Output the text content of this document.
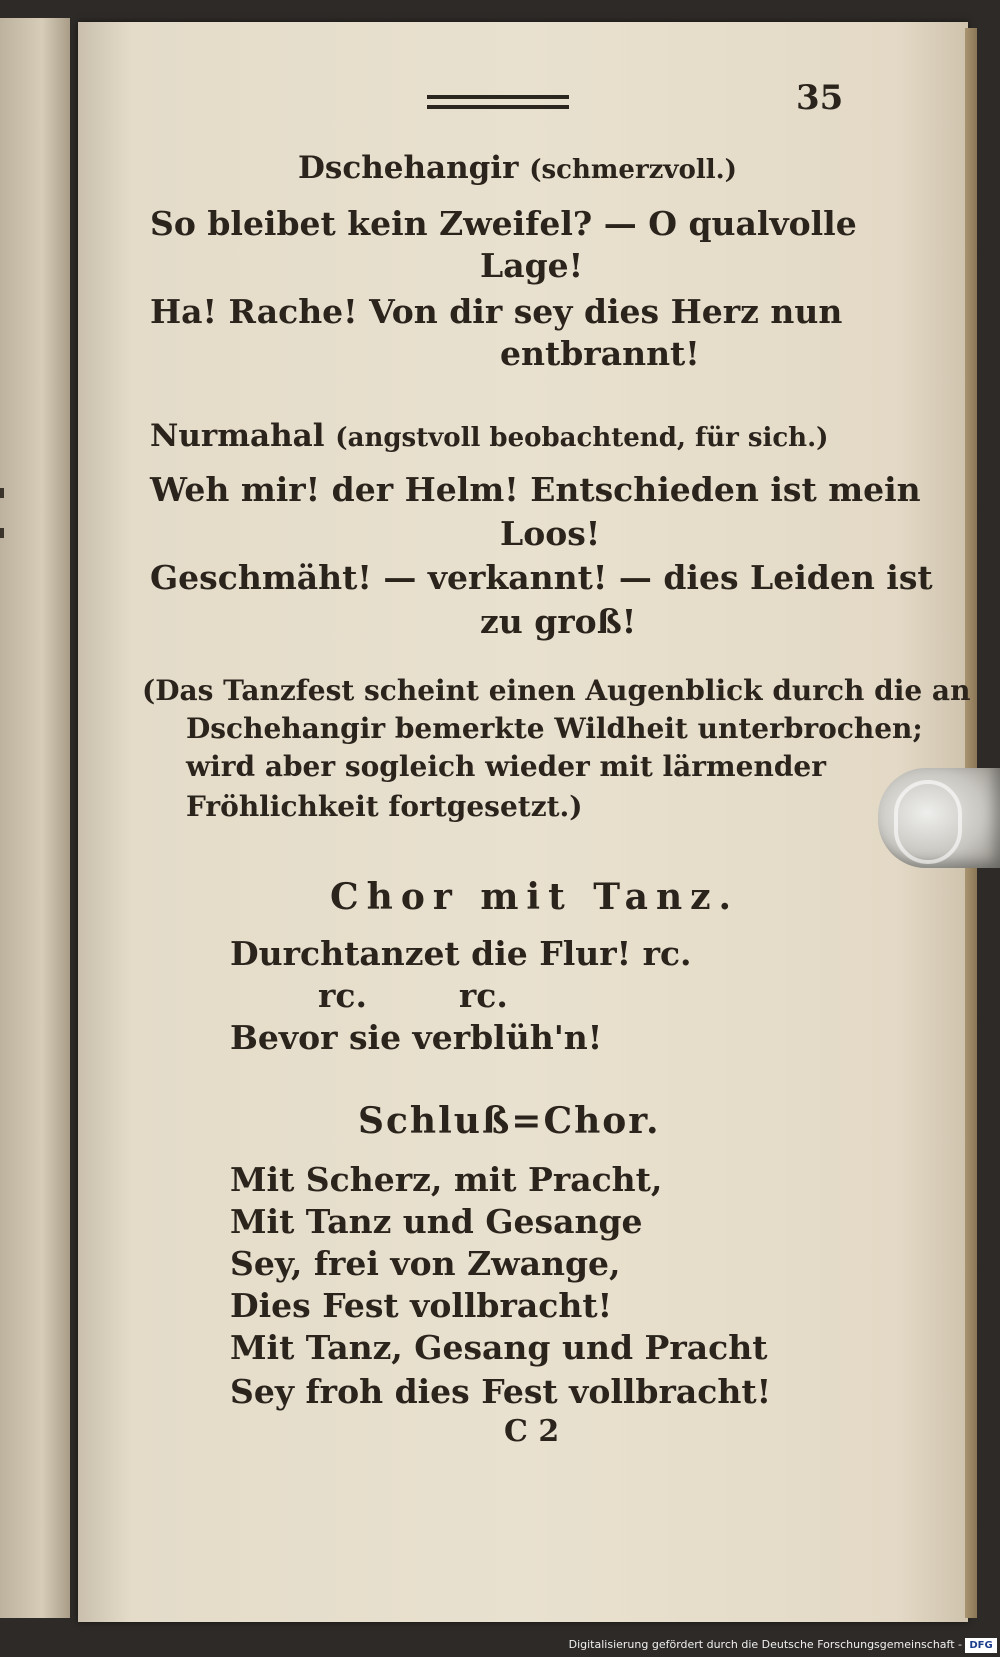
35

Dschehangir (schmerzvoll.)

So bleibet kein Zweifel? — O qualvolle

Lage!

Ha! Rache! Von dir sey dies Herz nun

entbrannt!

Nurmahal (angstvoll beobachtend, für sich.)

Weh mir! der Helm! Entschieden ist mein

Loos!

Geschmäht! — verkannt! — dies Leiden ist

zu groß!

(Das Tanzfest scheint einen Augenblick durch die an

Dschehangir bemerkte Wildheit unterbrochen;

wird aber sogleich wieder mit lärmender

Fröhlichkeit fortgesetzt.)

Chor mit Tanz.

Durchtanzet die Flur! rc.

rc.        rc.

Bevor sie verblüh'n!

Schluß=Chor.

Mit Scherz, mit Pracht,

Mit Tanz und Gesange

Sey, frei von Zwange,

Dies Fest vollbracht!

Mit Tanz, Gesang und Pracht

Sey froh dies Fest vollbracht!

C 2

Digitalisierung gefördert durch die Deutsche Forschungsgemeinschaft - DFG
